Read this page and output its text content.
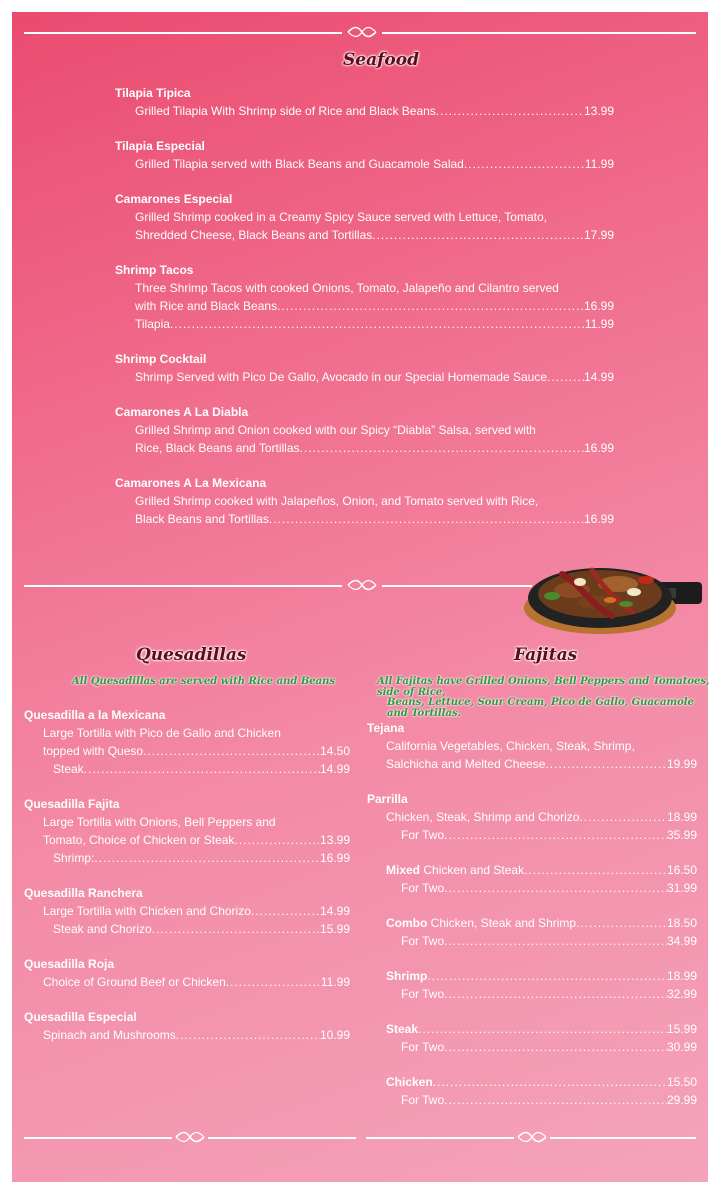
Seafood
Tilapia Tipica
Grilled Tilapia With Shrimp side of Rice and Black Beans .....	13.99
Tilapia Especial
Grilled Tilapia served with Black Beans and Guacamole Salad .....	11.99
Camarones Especial
Grilled Shrimp cooked in a Creamy Spicy Sauce served with Lettuce, Tomato,
Shredded Cheese, Black Beans and Tortillas .....	17.99
Shrimp Tacos
Three Shrimp Tacos with cooked Onions, Tomato, Jalapeño and Cilantro served
with Rice and Black Beans .....	16.99
Tilapia .....	11.99
Shrimp Cocktail
Shrimp Served with Pico De Gallo, Avocado in our Special Homemade Sauce .....	14.99
Camarones A La Diabla
Grilled Shrimp and Onion cooked with our Spicy “Diabla” Salsa, served with
Rice, Black Beans and Tortillas .....	16.99
Camarones A La Mexicana
Grilled Shrimp cooked with Jalapeños, Onion, and Tomato served with Rice,
Black Beans and Tortillas .....	16.99
Quesadillas
All Quesadillas are served with Rice and Beans
Quesadilla a la Mexicana
Large Tortilla with Pico de Gallo and Chicken
topped with Queso .....	14.50
Steak .....	14.99
Quesadilla Fajita
Large Tortilla with Onions, Bell Peppers and
Tomato, Choice of Chicken or Steak .....	13.99
Shrimp: .....	16.99
Quesadilla Ranchera
Large Tortilla with Chicken and Chorizo .....	14.99
Steak and Chorizo .....	15.99
Quesadilla Roja
Choice of Ground Beef or Chicken .....	11.99
Quesadilla Especial
Spinach and Mushrooms .....	10.99
Fajitas
All Fajitas have Grilled Onions, Bell Peppers and Tomatoes, side of Rice,
Beans, Lettuce, Sour Cream, Pico de Gallo, Guacamole and Tortillas.
Tejana
California Vegetables, Chicken, Steak, Shrimp,
Salchicha and Melted Cheese .....	19.99
Parrilla
Chicken, Steak, Shrimp and Chorizo .....	18.99
For Two .....	35.99
Mixed Chicken and Steak .....	16.50
For Two .....	31.99
Combo Chicken, Steak and Shrimp .....	18.50
For Two .....	34.99
Shrimp .....	18.99
For Two .....	32.99
Steak .....	15.99
For Two .....	30.99
Chicken .....	15.50
For Two .....	29.99
